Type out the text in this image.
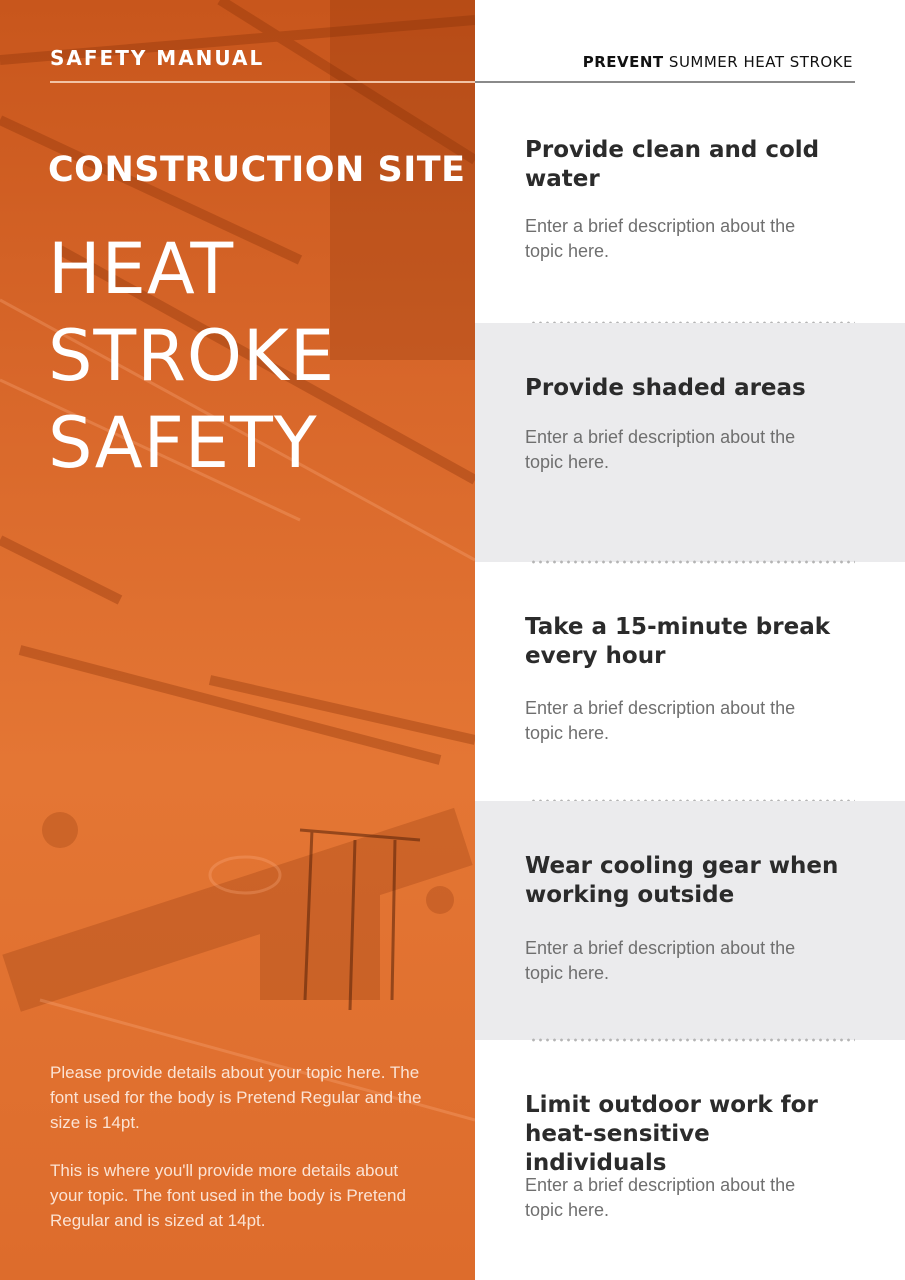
SAFETY MANUAL
CONSTRUCTION SITE
HEAT
STROKE
SAFETY
Please provide details about your topic here. The font used for the body is Pretend Regular and the size is 14pt.
This is where you'll provide more details about your topic. The font used in the body is Pretend Regular and is sized at 14pt.
PREVENT SUMMER HEAT STROKE
Provide clean and cold water
Enter a brief description about the topic here.
Provide shaded areas
Enter a brief description about the topic here.
Take a 15-minute break every hour
Enter a brief description about the topic here.
Wear cooling gear when working outside
Enter a brief description about the topic here.
Limit outdoor work for heat-sensitive individuals
Enter a brief description about the topic here.
